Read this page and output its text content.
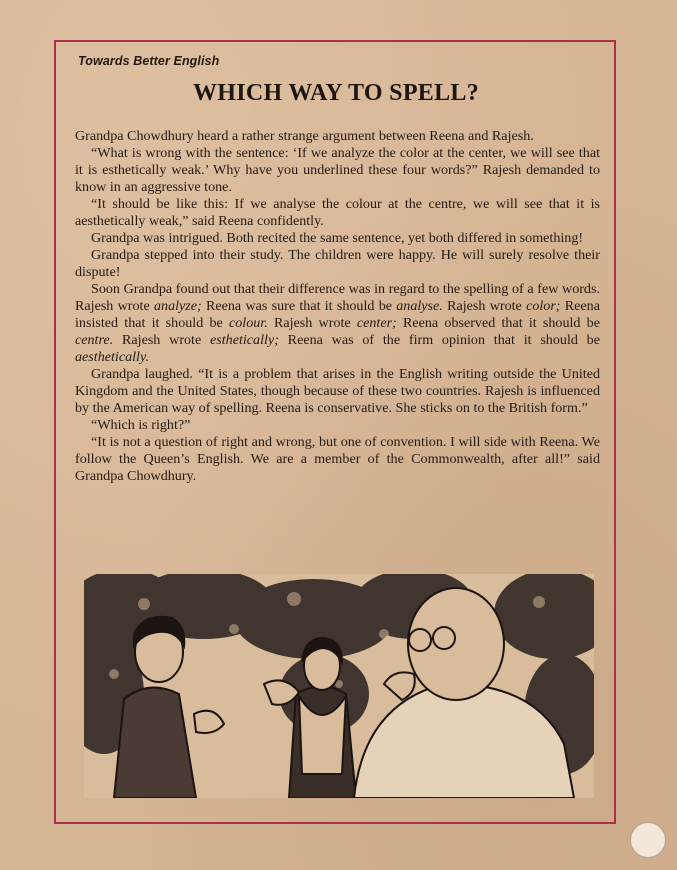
Towards Better English
WHICH WAY TO SPELL?

Grandpa Chowdhury heard a rather strange argument between Reena and Rajesh.

“What is wrong with the sentence: ‘If we analyze the color at the center, we will see that it is esthetically weak.’ Why have you underlined these four words?” Rajesh demanded to know in an aggressive tone.

“It should be like this: If we analyse the colour at the centre, we will see that it is aesthetically weak,” said Reena confidently.

Grandpa was intrigued. Both recited the same sentence, yet both differed in something!

Grandpa stepped into their study. The children were happy. He will surely resolve their dispute!

Soon Grandpa found out that their difference was in regard to the spelling of a few words. Rajesh wrote analyze; Reena was sure that it should be analyse. Rajesh wrote color; Reena insisted that it should be colour. Rajesh wrote center; Reena observed that it should be centre. Rajesh wrote esthetically; Reena was of the firm opinion that it should be aesthetically.

Grandpa laughed. “It is a problem that arises in the English writing outside the United Kingdom and the United States, though because of these two countries. Rajesh is influenced by the American way of spelling. Reena is conservative. She sticks on to the British form.”

“Which is right?”

“It is not a question of right and wrong, but one of convention. I will side with Reena. We follow the Queen’s English. We are a member of the Commonwealth, after all!” said Grandpa Chowdhury.
